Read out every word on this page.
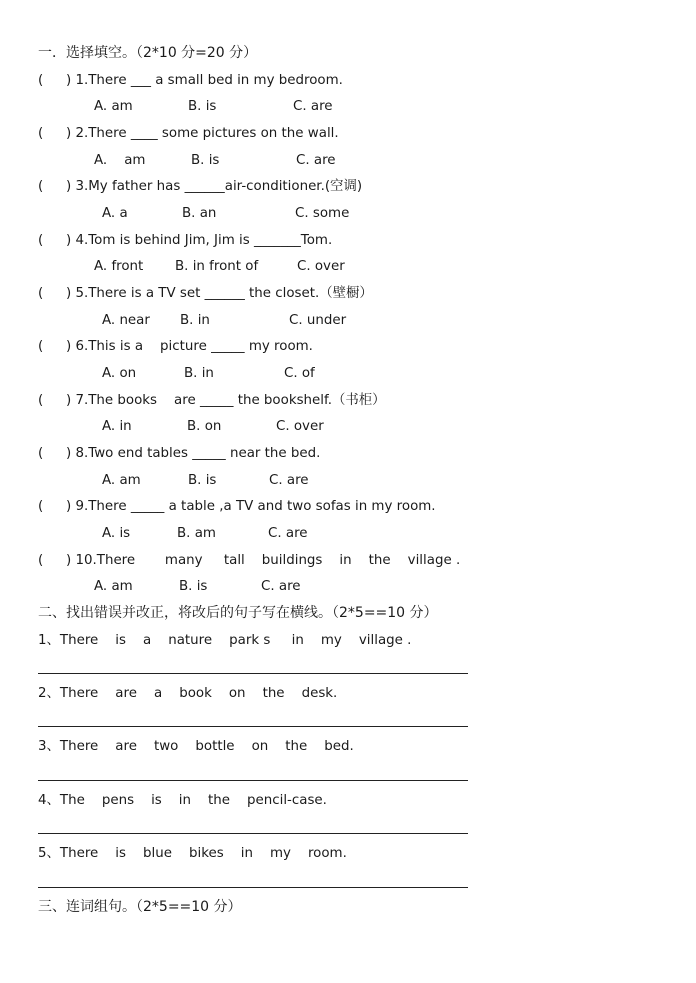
一．选择填空。（2*10 分=20 分）
( ) 1.There ___ a small bed in my bedroom.
A. am	B. is	C. are
( ) 2.There ____ some pictures on the wall.
A.    am	B. is	C. are
( ) 3.My father has ______air-conditioner.(空调)
A. a	B. an	C. some
( ) 4.Tom is behind Jim, Jim is _______Tom.
A. front B. in front of	C. over
( ) 5.There is a TV set ______ the closet.（壁橱）
A. near B. in	C. under
( ) 6.This is a    picture _____ my room.
A. on	B. in	C. of
( ) 7.The books    are _____ the bookshelf.（书柜）
A. in	B. on	C. over
( ) 8.Two end tables _____ near the bed.
A. am	B. is	C. are
( ) 9.There _____ a table ,a TV and two sofas in my room.
A. is	B. am	C. are
( ) 10.There       many     tall    buildings    in    the    village .
A. am	B. is	C. are
二、找出错误并改正，将改后的句子写在横线。（2*5==10 分）
1、There    is    a    nature    park s     in    my    village .
2、There    are    a    book    on    the    desk.
3、There    are    two    bottle    on    the    bed.
4、The    pens    is    in    the    pencil-case.
5、There    is    blue    bikes    in    my    room.
三、连词组句。（2*5==10 分）
